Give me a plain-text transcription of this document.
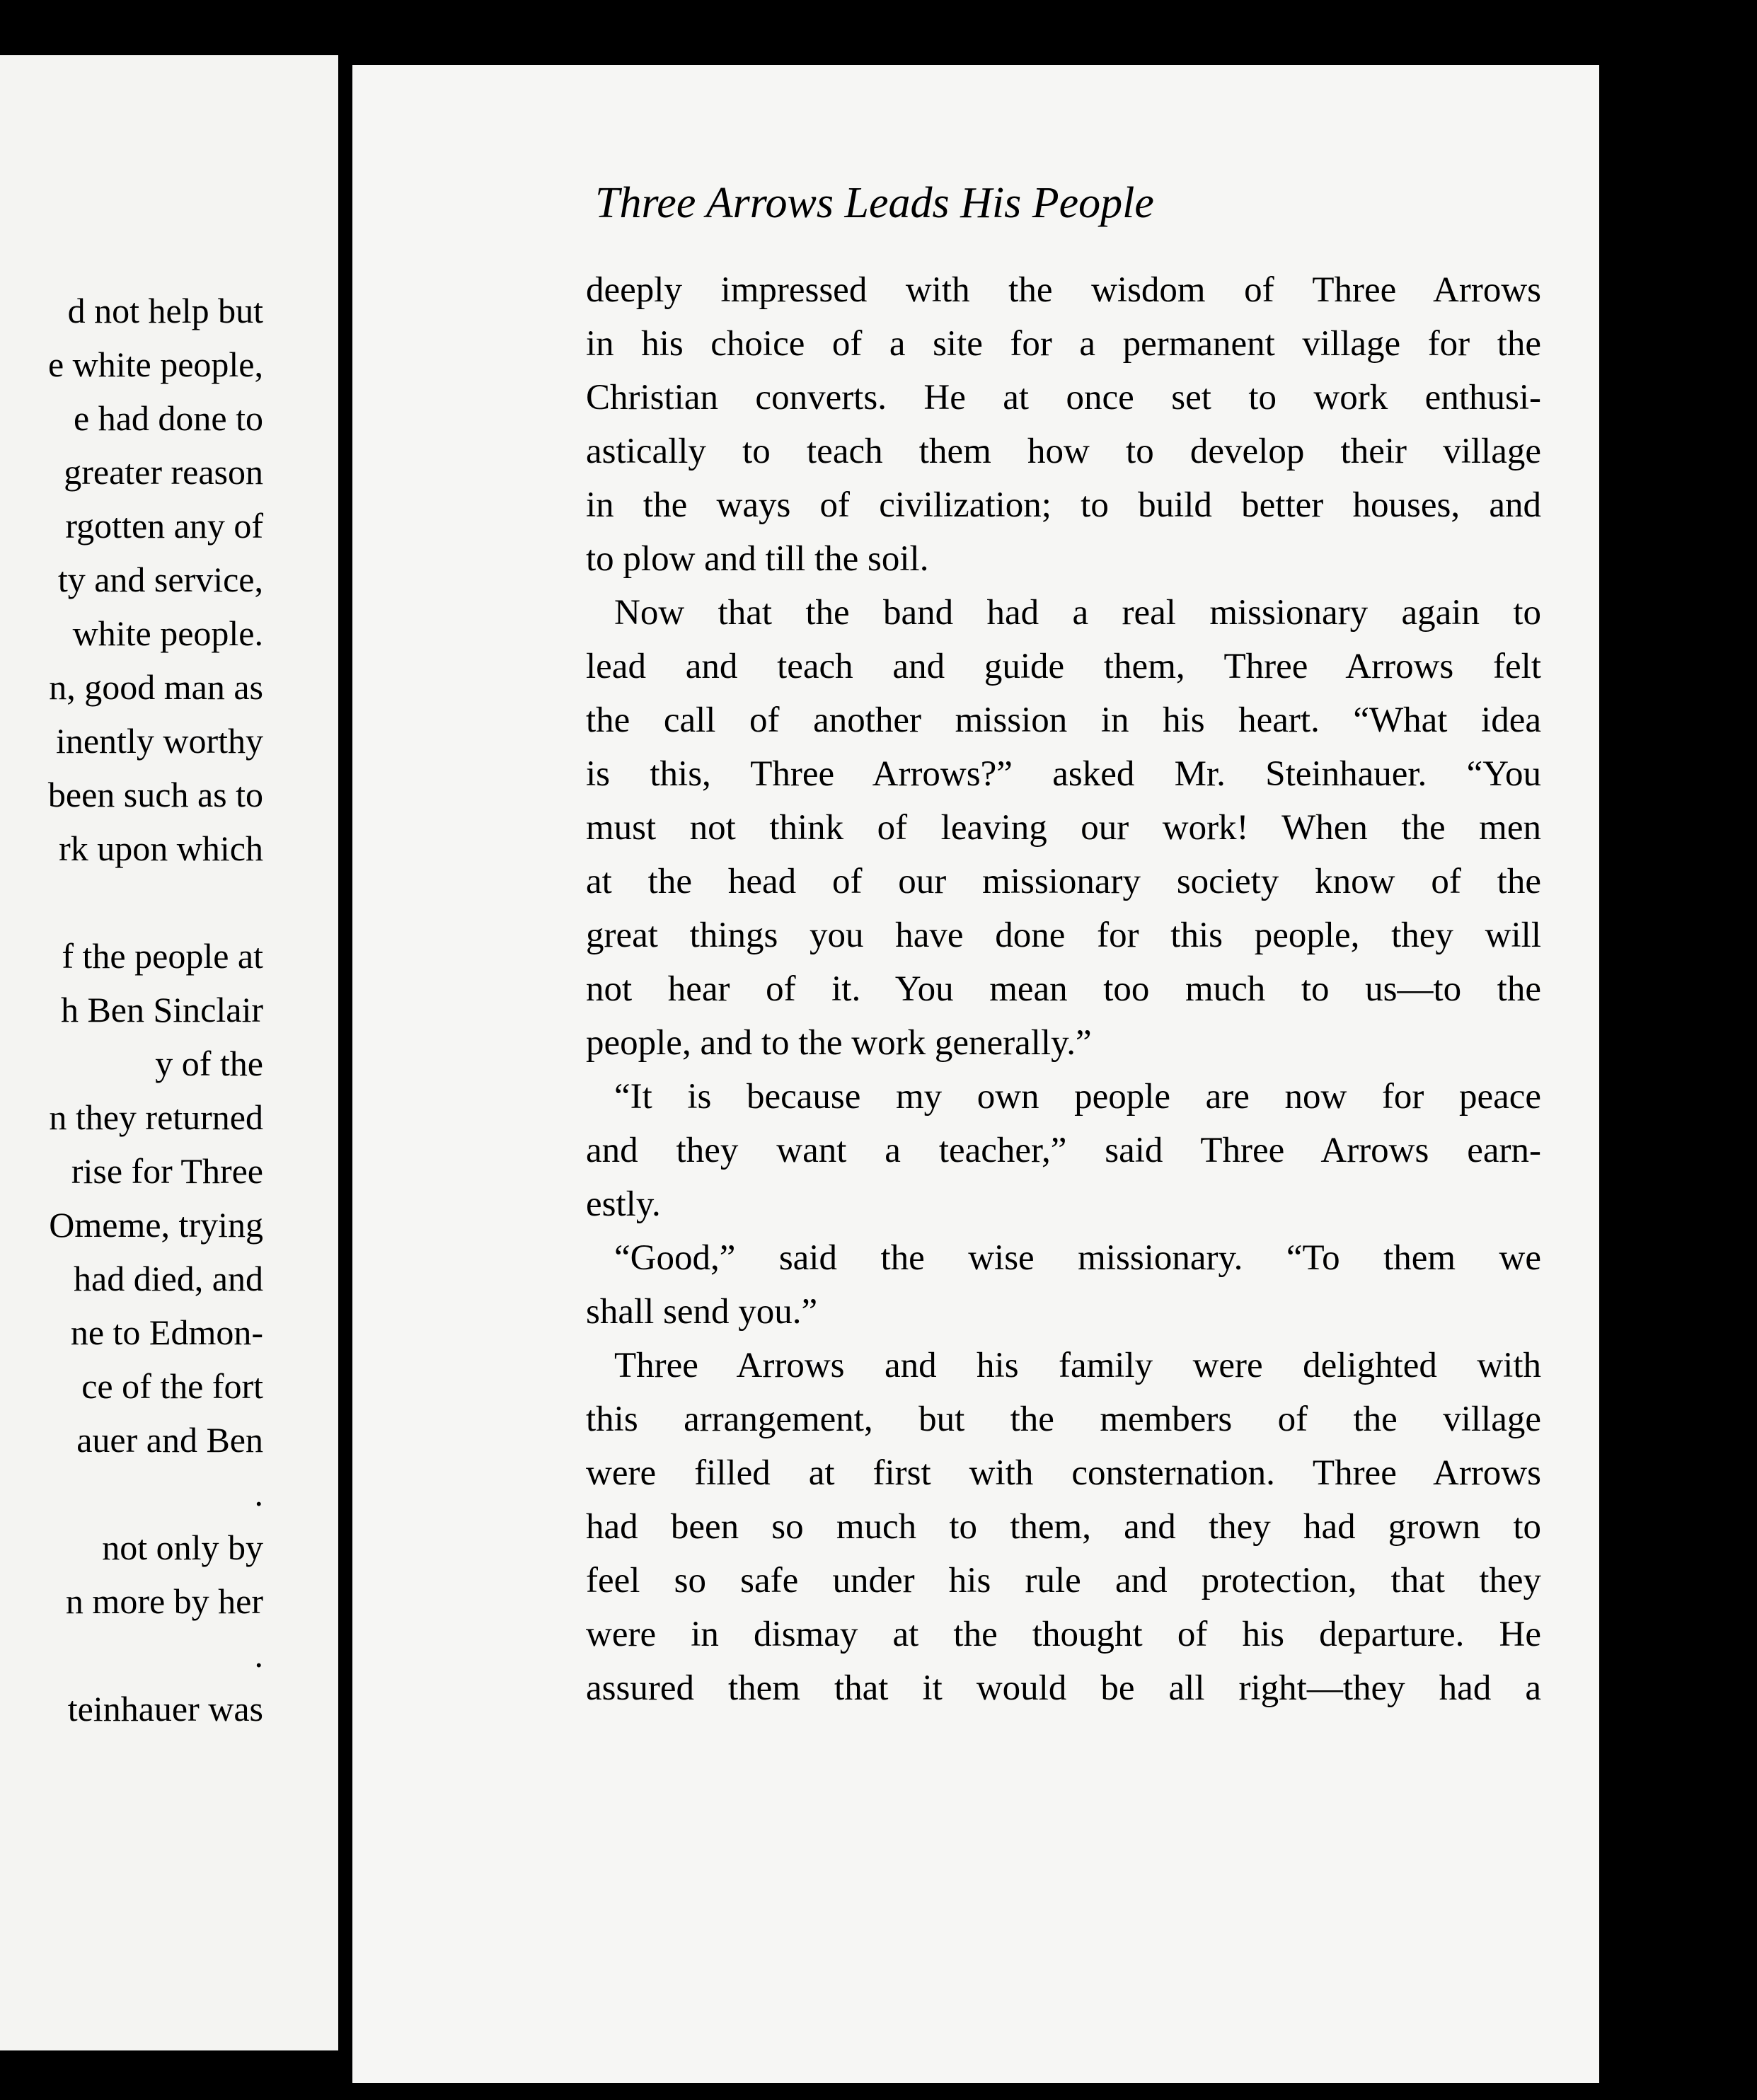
d not help but
e white people,
e had done to
greater reason
rgotten any of
ty and service,
white people.
n, good man as
inently worthy
been such as to
rk upon which
f the people at
h Ben Sinclair
y of the
n they returned
rise for Three
Omeme, trying
had died, and
ne to Edmon-
ce of the fort
auer and Ben
.
not only by
n more by her
.
teinhauer was
Three Arrows Leads His People	177
deeply impressed with the wisdom of Three Arrows
in his choice of a site for a permanent village for the
Christian converts. He at once set to work enthusi-
astically to teach them how to develop their village
in the ways of civilization; to build better houses, and
to plow and till the soil.
Now that the band had a real missionary again to
lead and teach and guide them, Three Arrows felt
the call of another mission in his heart. “What idea
is this, Three Arrows?” asked Mr. Steinhauer. “You
must not think of leaving our work! When the men
at the head of our missionary society know of the
great things you have done for this people, they will
not hear of it. You mean too much to us—to the
people, and to the work generally.”
“It is because my own people are now for peace
and they want a teacher,” said Three Arrows earn-
estly.
“Good,” said the wise missionary. “To them we
shall send you.”
Three Arrows and his family were delighted with
this arrangement, but the members of the village
were filled at first with consternation. Three Arrows
had been so much to them, and they had grown to
feel so safe under his rule and protection, that they
were in dismay at the thought of his departure. He
assured them that it would be all right—they had a
